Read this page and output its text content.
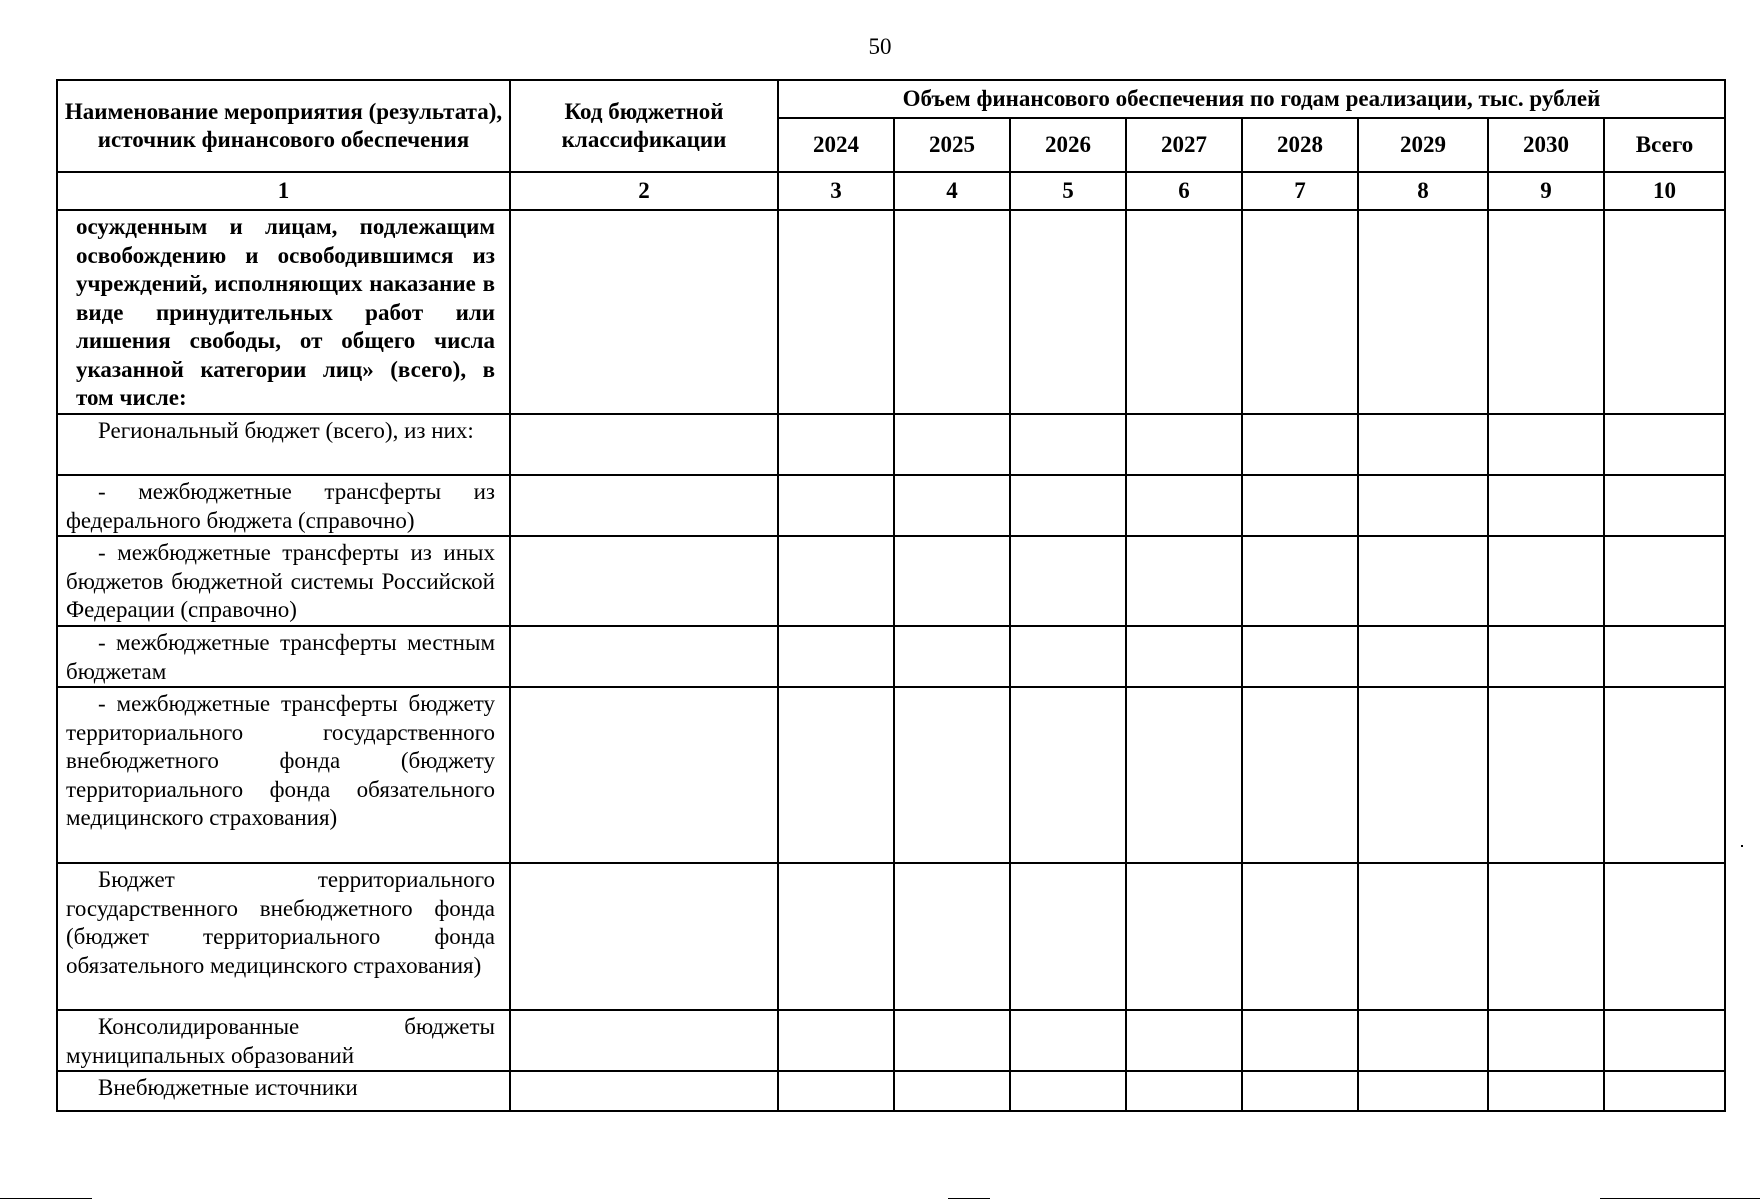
50
Наименование мероприятия (результата), источник финансового обеспечения	Код бюджетной классификации	Объем финансового обеспечения по годам реализации, тыс. рублей							
		2024	2025	2026	2027	2028	2029	2030	Всего
1	2	3	4	5	6	7	8	9	10
осужденным и лицам, подлежащим освобождению и освободившимся из учреждений, исполняющих наказание в виде принудительных работ или лишения свободы, от общего числа указанной категории лиц» (всего), в том числе:									

Региональный бюджет (всего), из них:									

- межбюджетные трансферты из федерального бюджета (справочно)									

- межбюджетные трансферты из иных бюджетов бюджетной системы Российской Федерации (справочно)									

- межбюджетные трансферты местным бюджетам									

- межбюджетные трансферты бюджету территориального государственного внебюджетного фонда (бюджету территориального фонда обязательного медицинского страхования)									

Бюджет территориального государственного внебюджетного фонда (бюджет территориального фонда обязательного медицинского страхования)									

Консолидированные бюджеты муниципальных образований									

Внебюджетные источники									
